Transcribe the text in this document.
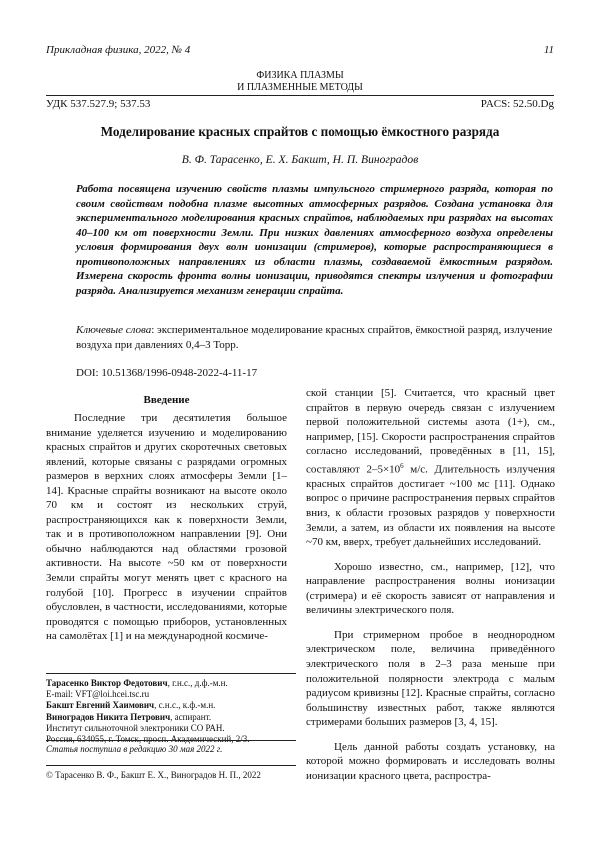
Прикладная физика, 2022, № 4	11
ФИЗИКА ПЛАЗМЫ
И ПЛАЗМЕННЫЕ МЕТОДЫ
УДК 537.527.9; 537.53	PACS: 52.50.Dg
Моделирование красных спрайтов с помощью ёмкостного разряда
В. Ф. Тарасенко, Е. Х. Бакшт, Н. П. Виноградов
Работа посвящена изучению свойств плазмы импульсного стримерного разряда, которая по своим свойствам подобна плазме высотных атмосферных разрядов. Создана установка для экспериментального моделирования красных спрайтов, наблюдаемых при разрядах на высотах 40–100 км от поверхности Земли. При низких давлениях атмосферного воздуха определены условия формирования двух волн ионизации (стримеров), которые распространяющиеся в противоположных направлениях из области плазмы, создаваемой ёмкостным разрядом. Измерена скорость фронта волны ионизации, приводятся спектры излучения и фотографии разряда. Анализируется механизм генерации спрайта.
Ключевые слова: экспериментальное моделирование красных спрайтов, ёмкостной разряд, излучение воздуха при давлениях 0,4–3 Торр.
DOI: 10.51368/1996-0948-2022-4-11-17
Введение

Последние три десятилетия большое внимание уделяется изучению и моделированию красных спрайтов и других скоротечных световых явлений, которые связаны с разрядами огромных размеров в верхних слоях атмосферы Земли [1–14]. Красные спрайты возникают на высоте около 70 км и состоят из нескольких струй, распространяющихся как к поверхности Земли, так и в противоположном направлении [9]. Они обычно наблюдаются над областями грозовой активности. На высоте ~50 км от поверхности Земли спрайты могут менять цвет с красного на голубой [10]. Прогресс в изучении спрайтов обусловлен, в частности, исследованиями, которые проводятся с помощью приборов, установленных на самолётах [1] и на международной космиче-

ской станции [5]. Считается, что красный цвет спрайтов в первую очередь связан с излучением первой положительной системы азота (1+), см., например, [15]. Скорости распространения спрайтов согласно исследований, проведённых в [11, 15], составляют $2-5\times 10^6$ м/с. Длительность излучения красных спрайтов достигает ~100 мс [11]. Однако вопрос о причине распространения первых спрайтов вниз, к области грозовых разрядов у поверхности Земли, а затем, из области их появления на высоте ~70 км, вверх, требует дальнейших исследований.

Хорошо известно, см., например, [12], что направление распространения волны ионизации (стримера) и её скорость зависят от направления и величины электрического поля.

При стримерном пробое в неоднородном электрическом поле, величина приведённого электрического поля в 2–3 раза меньше при положительной полярности электрода с малым радиусом кривизны [12]. Красные спрайты, согласно большинству известных работ, также являются стримерами больших размеров [3, 4, 15].

Цель данной работы создать установку, на которой можно формировать и исследовать волны ионизации красного цвета, распростра-

Тарасенко Виктор Федотович, г.н.с., д.ф.-м.н.
E-mail: VFT@loi.hcei.tsc.ru
Бакшт Евгений Хаимович, с.н.с., к.ф.-м.н.
Виноградов Никита Петрович, аспирант.
Институт сильноточной электроники СО РАН.
Россия, 634055, г. Томск, просп. Академический, 2/3.
Статья поступила в редакцию 30 мая 2022 г.
© Тарасенко В. Ф., Бакшт Е. Х., Виноградов Н. П., 2022
